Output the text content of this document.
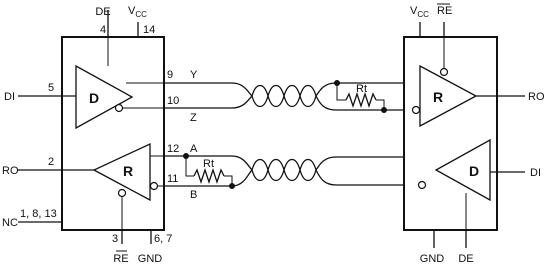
DE $V_{CC}$
4	14
DI
5
RO
2
NC
1, 8, 13
D
R
3	6, 7
RE GND
9
10
12
11
Y
Z
Rt
A
B
Rt
$V_{CC}$ RE
R	RO
D	DI
GND DE
